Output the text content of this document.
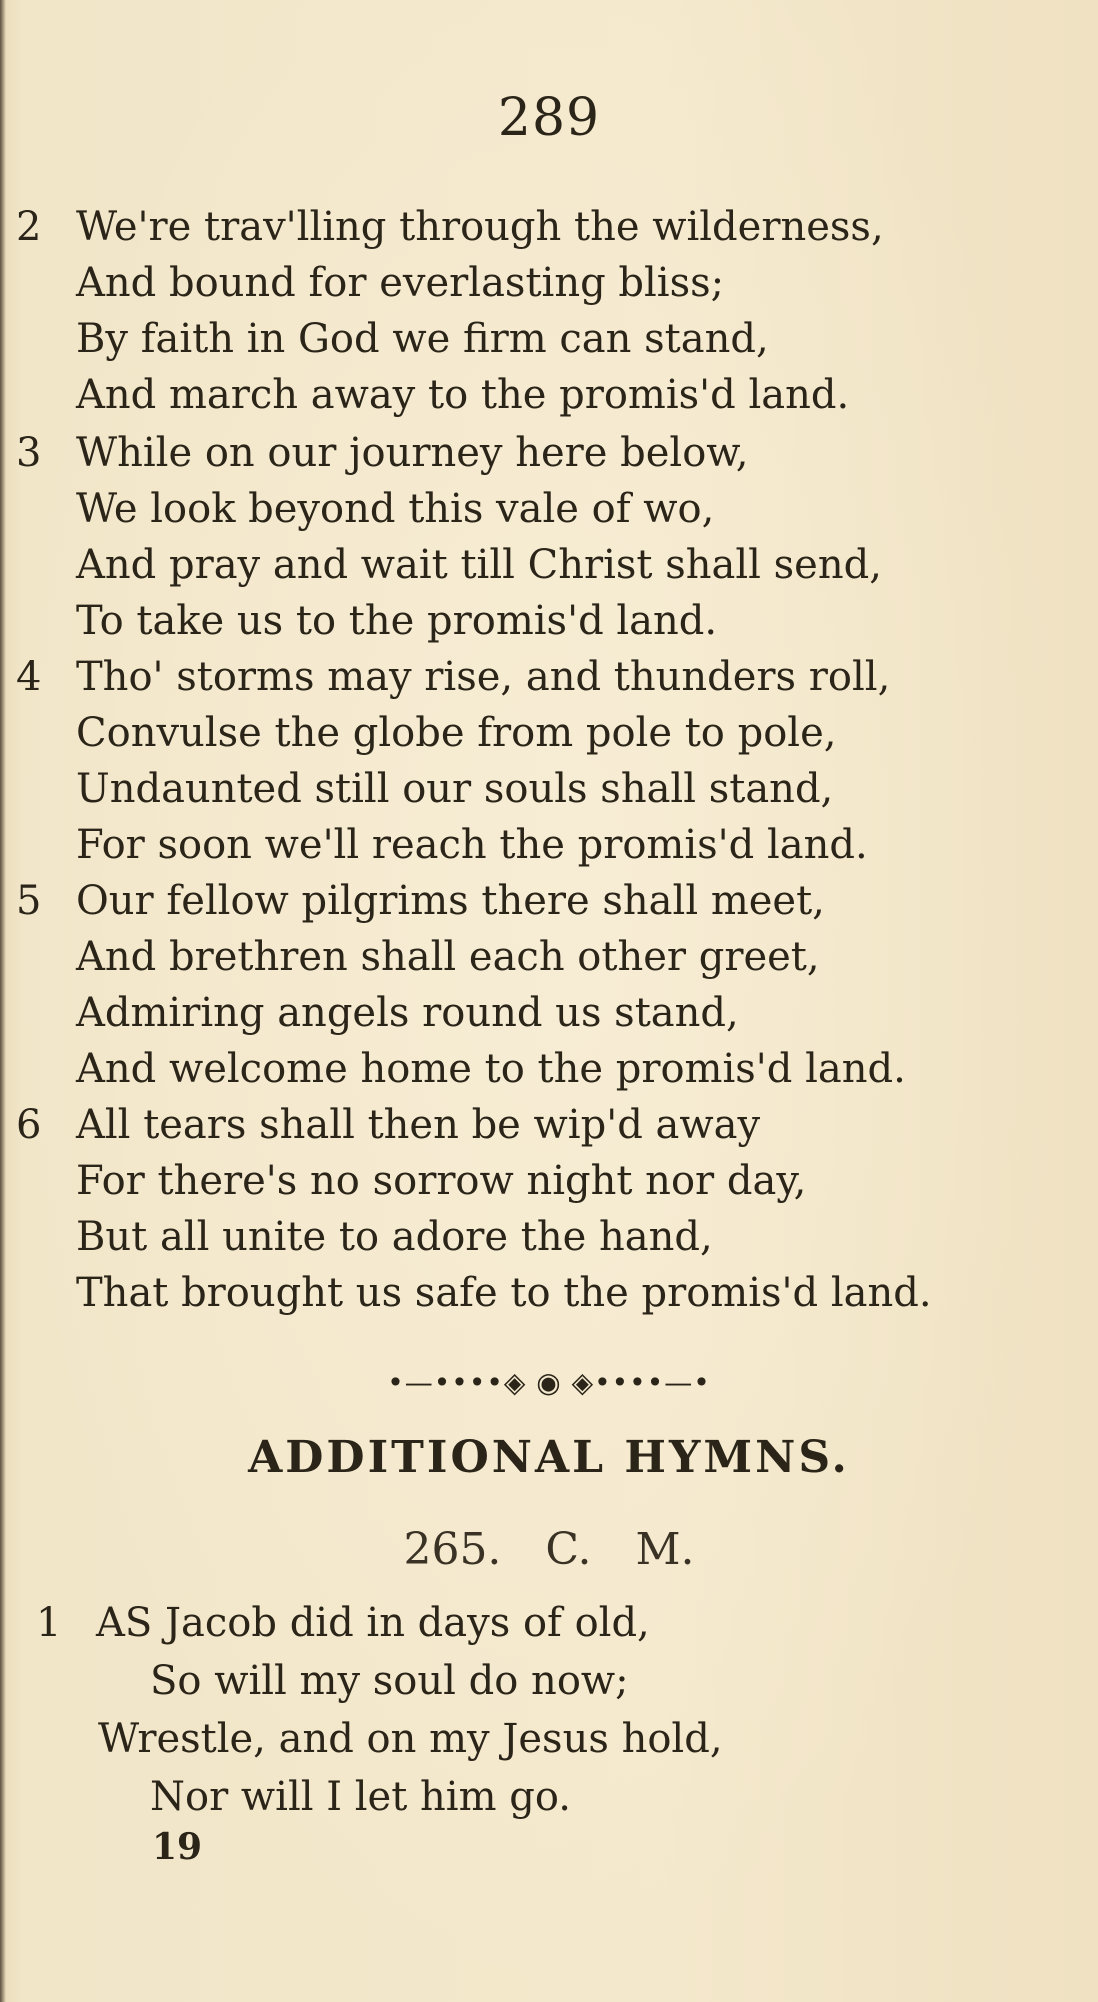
289
2 We're trav'lling through the wilderness,
And bound for everlasting bliss;
By faith in God we firm can stand,
And march away to the promis'd land.
3 While on our journey here below,
We look beyond this vale of wo,
And pray and wait till Christ shall send,
To take us to the promis'd land.
4 Tho' storms may rise, and thunders roll,
Convulse the globe from pole to pole,
Undaunted still our souls shall stand,
For soon we'll reach the promis'd land.
5 Our fellow pilgrims there shall meet,
And brethren shall each other greet,
Admiring angels round us stand,
And welcome home to the promis'd land.
6 All tears shall then be wip'd away
For there's no sorrow night nor day,
But all unite to adore the hand,
That brought us safe to the promis'd land.
•—••••◈ ◉ ◈••••—•
ADDITIONAL HYMNS.
265. C. M.
1 AS Jacob did in days of old,
So will my soul do now;
Wrestle, and on my Jesus hold,
Nor will I let him go.
19
